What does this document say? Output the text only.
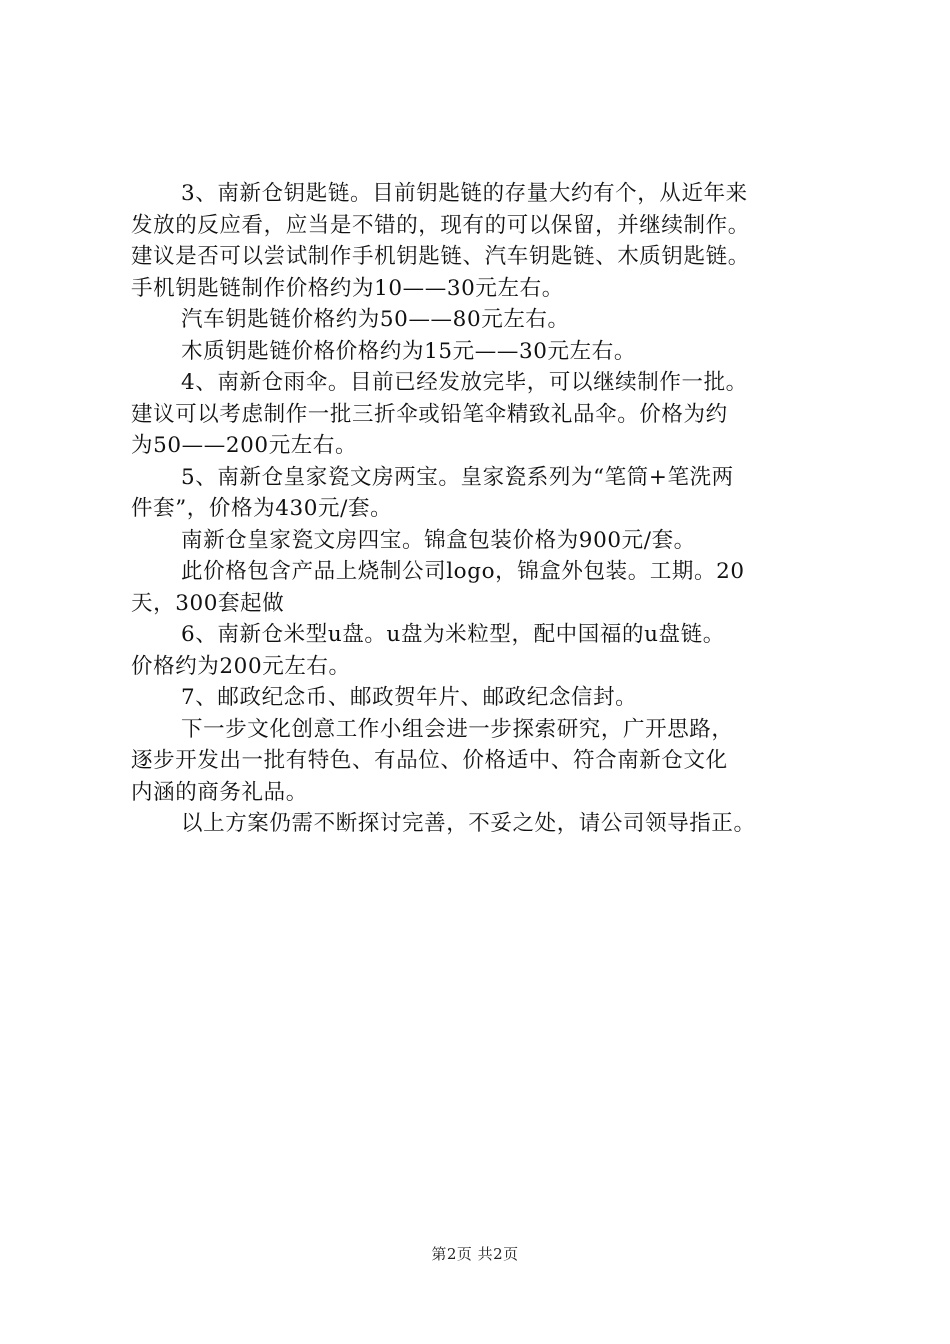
3、南新仓钥匙链。目前钥匙链的存量大约有个，从近年来
发放的反应看，应当是不错的，现有的可以保留，并继续制作。
建议是否可以尝试制作手机钥匙链、汽车钥匙链、木质钥匙链。
手机钥匙链制作价格约为10——30元左右。
汽车钥匙链价格约为50——80元左右。
木质钥匙链价格价格约为15元——30元左右。
4、南新仓雨伞。目前已经发放完毕，可以继续制作一批。
建议可以考虑制作一批三折伞或铅笔伞精致礼品伞。价格为约
为50——200元左右。
5、南新仓皇家瓷文房两宝。皇家瓷系列为“笔筒+笔洗两
件套”，价格为430元/套。
南新仓皇家瓷文房四宝。锦盒包装价格为900元/套。
此价格包含产品上烧制公司logo，锦盒外包装。工期。20
天，300套起做
6、南新仓米型u盘。u盘为米粒型，配中国福的u盘链。
价格约为200元左右。
7、邮政纪念币、邮政贺年片、邮政纪念信封。
下一步文化创意工作小组会进一步探索研究，广开思路，
逐步开发出一批有特色、有品位、价格适中、符合南新仓文化
内涵的商务礼品。
以上方案仍需不断探讨完善，不妥之处，请公司领导指正。
第2页 共2页
